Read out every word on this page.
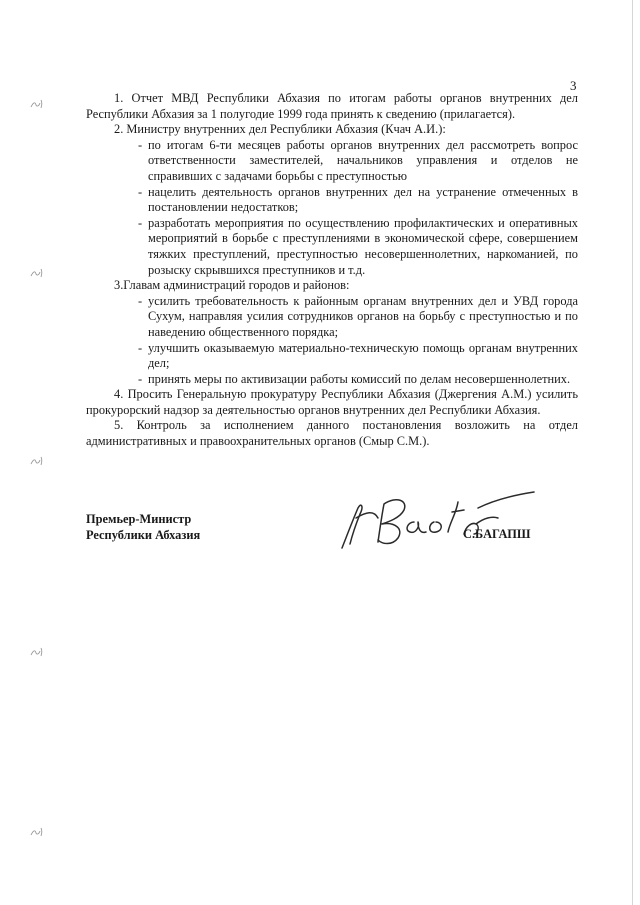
3

1. Отчет МВД Республики Абхазия по итогам работы органов внутренних дел Республики Абхазия за 1 полугодие 1999 года принять к сведению (прилагается).

2. Министру внутренних дел Республики Абхазия (Кчач А.И.):

- по итогам 6-ти месяцев работы органов внутренних дел рассмотреть вопрос ответственности заместителей, начальников управления и отделов не справивших с задачами борьбы с преступностью
- нацелить деятельность органов внутренних дел на устранение отмеченных в постановлении недостатков;
- разработать мероприятия по осуществлению профилактических и оперативных мероприятий в борьбе с преступлениями в экономической сфере, совершением тяжких преступлений, преступностью несовершеннолетних, наркоманией, по розыску скрывшихся преступников и т.д.

3.Главам администраций городов и районов:

- усилить требовательность к районным органам внутренних дел и УВД города Сухум, направляя усилия сотрудников органов на борьбу с преступностью и по наведению общественного порядка;
- улучшить оказываемую материально-техническую помощь органам внутренних дел;
- принять меры по активизации работы комиссий по делам несовершеннолетних.

4. Просить Генеральную прокуратуру Республики Абхазия (Джергения А.М.) усилить прокурорский надзор за деятельностью органов внутренних дел Республики Абхазия.

5. Контроль за исполнением данного постановления возложить на отдел административных и правоохранительных органов (Смыр С.М.).

Премьер-Министр
Республики Абхазия	С.БАГАПШ
